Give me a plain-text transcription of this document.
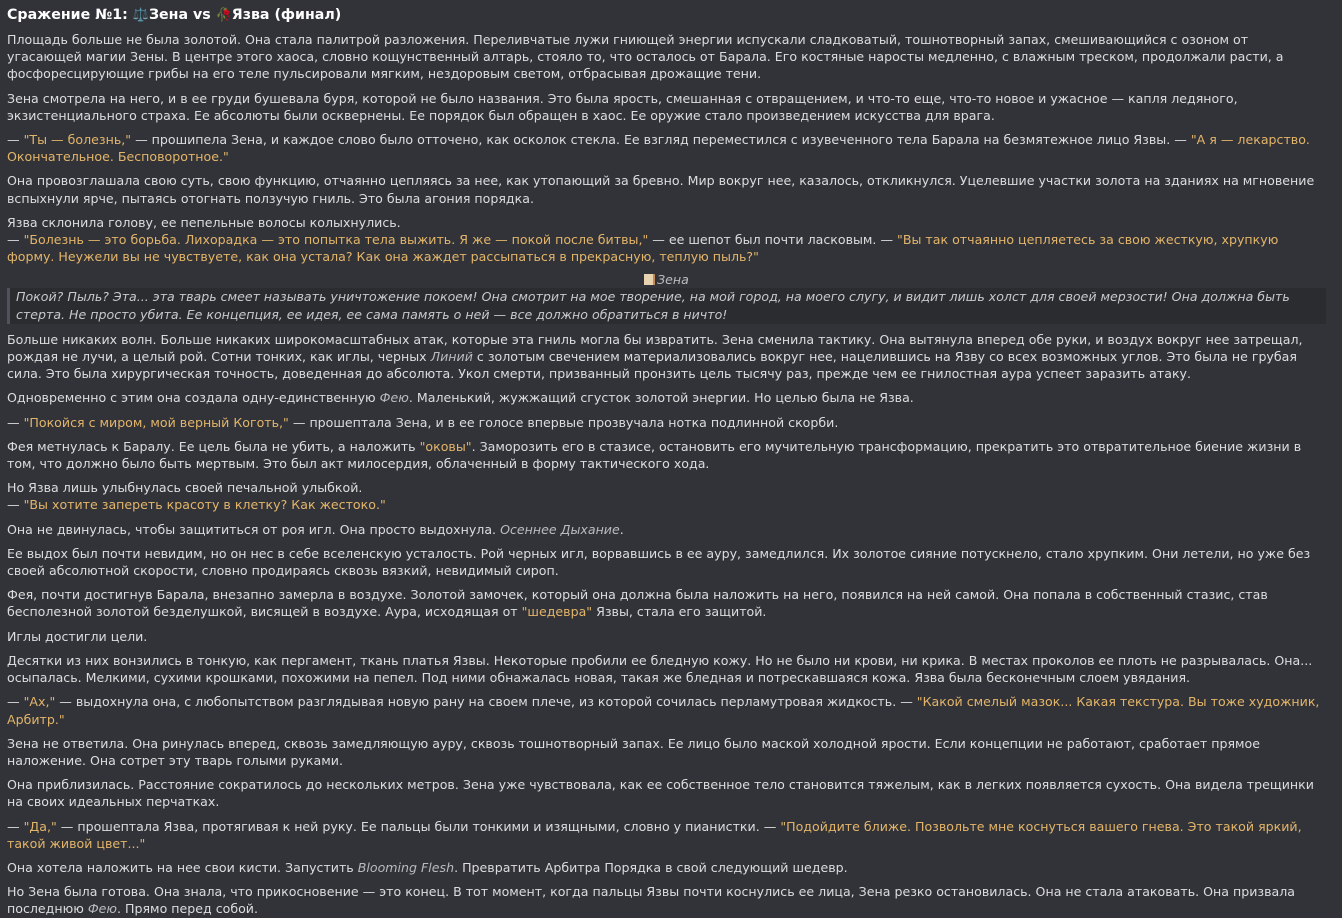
Сражение №1: ⚖️Зена vs 🥀Язва (финал)
Площадь больше не была золотой. Она стала палитрой разложения. Переливчатые лужи гниющей энергии испускали сладковатый, тошнотворный запах, смешивающийся с озоном от угасающей магии Зены. В центре этого хаоса, словно кощунственный алтарь, стояло то, что осталось от Барала. Его костяные наросты медленно, с влажным треском, продолжали расти, а фосфоресцирующие грибы на его теле пульсировали мягким, нездоровым светом, отбрасывая дрожащие тени.
Зена смотрела на него, и в ее груди бушевала буря, которой не было названия. Это была ярость, смешанная с отвращением, и что-то еще, что-то новое и ужасное — капля ледяного, экзистенциального страха. Ее абсолюты были осквернены. Ее порядок был обращен в хаос. Ее оружие стало произведением искусства для врага.
— "Ты — болезнь," — прошипела Зена, и каждое слово было отточено, как осколок стекла. Ее взгляд переместился с изувеченного тела Барала на безмятежное лицо Язвы. — "А я — лекарство. Окончательное. Бесповоротное."
Она провозглашала свою суть, свою функцию, отчаянно цепляясь за нее, как утопающий за бревно. Мир вокруг нее, казалось, откликнулся. Уцелевшие участки золота на зданиях на мгновение вспыхнули ярче, пытаясь отогнать ползучую гниль. Это была агония порядка.
Язва склонила голову, ее пепельные волосы колыхнулись.
— "Болезнь — это борьба. Лихорадка — это попытка тела выжить. Я же — покой после битвы," — ее шепот был почти ласковым. — "Вы так отчаянно цепляетесь за свою жесткую, хрупкую форму. Неужели вы не чувствуете, как она устала? Как она жаждет рассыпаться в прекрасную, теплую пыль?"
Зена
Покой? Пыль? Эта... эта тварь смеет называть уничтожение покоем! Она смотрит на мое творение, на мой город, на моего слугу, и видит лишь холст для своей мерзости! Она должна быть стерта. Не просто убита. Ее концепция, ее идея, ее сама память о ней — все должно обратиться в ничто!
Больше никаких волн. Больше никаких широкомасштабных атак, которые эта гниль могла бы извратить. Зена сменила тактику. Она вытянула вперед обе руки, и воздух вокруг нее затрещал, рождая не лучи, а целый рой. Сотни тонких, как иглы, черных Линий с золотым свечением материализовались вокруг нее, нацелившись на Язву со всех возможных углов. Это была не грубая сила. Это была хирургическая точность, доведенная до абсолюта. Укол смерти, призванный пронзить цель тысячу раз, прежде чем ее гнилостная аура успеет заразить атаку.
Одновременно с этим она создала одну-единственную Фею. Маленький, жужжащий сгусток золотой энергии. Но целью была не Язва.
— "Покойся с миром, мой верный Коготь," — прошептала Зена, и в ее голосе впервые прозвучала нотка подлинной скорби.
Фея метнулась к Баралу. Ее цель была не убить, а наложить "оковы". Заморозить его в стазисе, остановить его мучительную трансформацию, прекратить это отвратительное биение жизни в том, что должно было быть мертвым. Это был акт милосердия, облаченный в форму тактического хода.
Но Язва лишь улыбнулась своей печальной улыбкой.
— "Вы хотите запереть красоту в клетку? Как жестоко."
Она не двинулась, чтобы защититься от роя игл. Она просто выдохнула. Осеннее Дыхание.
Ее выдох был почти невидим, но он нес в себе вселенскую усталость. Рой черных игл, ворвавшись в ее ауру, замедлился. Их золотое сияние потускнело, стало хрупким. Они летели, но уже без своей абсолютной скорости, словно продираясь сквозь вязкий, невидимый сироп.
Фея, почти достигнув Барала, внезапно замерла в воздухе. Золотой замочек, который она должна была наложить на него, появился на ней самой. Она попала в собственный стазис, став бесполезной золотой безделушкой, висящей в воздухе. Аура, исходящая от "шедевра" Язвы, стала его защитой.
Иглы достигли цели.
Десятки из них вонзились в тонкую, как пергамент, ткань платья Язвы. Некоторые пробили ее бледную кожу. Но не было ни крови, ни крика. В местах проколов ее плоть не разрывалась. Она... осыпалась. Мелкими, сухими крошками, похожими на пепел. Под ними обнажалась новая, такая же бледная и потрескавшаяся кожа. Язва была бесконечным слоем увядания.
— "Ах," — выдохнула она, с любопытством разглядывая новую рану на своем плече, из которой сочилась перламутровая жидкость. — "Какой смелый мазок... Какая текстура. Вы тоже художник, Арбитр."
Зена не ответила. Она ринулась вперед, сквозь замедляющую ауру, сквозь тошнотворный запах. Ее лицо было маской холодной ярости. Если концепции не работают, сработает прямое наложение. Она сотрет эту тварь голыми руками.
Она приблизилась. Расстояние сократилось до нескольких метров. Зена уже чувствовала, как ее собственное тело становится тяжелым, как в легких появляется сухость. Она видела трещинки на своих идеальных перчатках.
— "Да," — прошептала Язва, протягивая к ней руку. Ее пальцы были тонкими и изящными, словно у пианистки. — "Подойдите ближе. Позвольте мне коснуться вашего гнева. Это такой яркий, такой живой цвет..."
Она хотела наложить на нее свои кисти. Запустить Blooming Flesh. Превратить Арбитра Порядка в свой следующий шедевр.
Но Зена была готова. Она знала, что прикосновение — это конец. В тот момент, когда пальцы Язвы почти коснулись ее лица, Зена резко остановилась. Она не стала атаковать. Она призвала последнюю Фею. Прямо перед собой.
